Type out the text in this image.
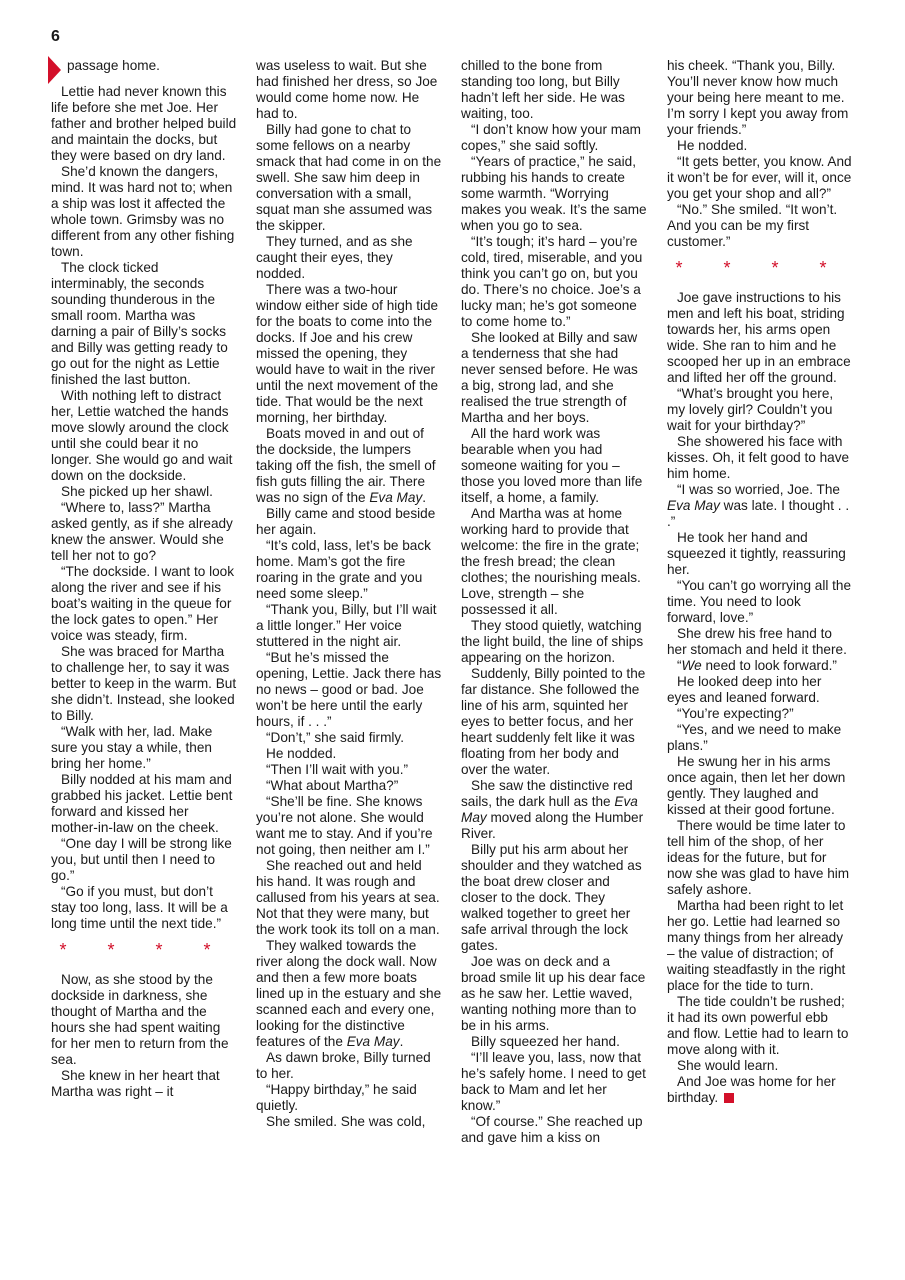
6

passage home.

Lettie had never known this life before she met Joe. Her father and brother helped build and maintain the docks, but they were based on dry land.

She’d known the dangers, mind. It was hard not to; when a ship was lost it affected the whole town. Grimsby was no different from any other fishing town.

The clock ticked interminably, the seconds sounding thunderous in the small room. Martha was darning a pair of Billy’s socks and Billy was getting ready to go out for the night as Lettie finished the last button.

With nothing left to distract her, Lettie watched the hands move slowly around the clock until she could bear it no longer. She would go and wait down on the dockside.

She picked up her shawl.

“Where to, lass?” Martha asked gently, as if she already knew the answer. Would she tell her not to go?

“The dockside. I want to look along the river and see if his boat’s waiting in the queue for the lock gates to open.” Her voice was steady, firm.

She was braced for Martha to challenge her, to say it was better to keep in the warm. But she didn’t. Instead, she looked to Billy.

“Walk with her, lad. Make sure you stay a while, then bring her home.”

Billy nodded at his mam and grabbed his jacket. Lettie bent forward and kissed her mother-in-law on the cheek.

“One day I will be strong like you, but until then I need to go.”

“Go if you must, but don’t stay too long, lass. It will be a long time until the next tide.”

* * * *

Now, as she stood by the dockside in darkness, she thought of Martha and the hours she had spent waiting for her men to return from the sea.

She knew in her heart that Martha was right – it

was useless to wait. But she had finished her dress, so Joe would come home now. He had to.

Billy had gone to chat to some fellows on a nearby smack that had come in on the swell. She saw him deep in conversation with a small, squat man she assumed was the skipper.

They turned, and as she caught their eyes, they nodded.

There was a two-hour window either side of high tide for the boats to come into the docks. If Joe and his crew missed the opening, they would have to wait in the river until the next movement of the tide. That would be the next morning, her birthday.

Boats moved in and out of the dockside, the lumpers taking off the fish, the smell of fish guts filling the air. There was no sign of the Eva May.

Billy came and stood beside her again.

“It’s cold, lass, let’s be back home. Mam’s got the fire roaring in the grate and you need some sleep.”

“Thank you, Billy, but I’ll wait a little longer.” Her voice stuttered in the night air.

“But he’s missed the opening, Lettie. Jack there has no news – good or bad. Joe won’t be here until the early hours, if . . .”

“Don’t,” she said firmly.

He nodded.

“Then I’ll wait with you.”

“What about Martha?”

“She’ll be fine. She knows you’re not alone. She would want me to stay. And if you’re not going, then neither am I.”

She reached out and held his hand. It was rough and callused from his years at sea. Not that they were many, but the work took its toll on a man.

They walked towards the river along the dock wall. Now and then a few more boats lined up in the estuary and she scanned each and every one, looking for the distinctive features of the Eva May.

As dawn broke, Billy turned to her.

“Happy birthday,” he said quietly.

She smiled. She was cold,

chilled to the bone from standing too long, but Billy hadn’t left her side. He was waiting, too.

“I don’t know how your mam copes,” she said softly.

“Years of practice,” he said, rubbing his hands to create some warmth. “Worrying makes you weak. It’s the same when you go to sea.

“It’s tough; it’s hard – you’re cold, tired, miserable, and you think you can’t go on, but you do. There’s no choice. Joe’s a lucky man; he’s got someone to come home to.”

She looked at Billy and saw a tenderness that she had never sensed before. He was a big, strong lad, and she realised the true strength of Martha and her boys.

All the hard work was bearable when you had someone waiting for you – those you loved more than life itself, a home, a family.

And Martha was at home working hard to provide that welcome: the fire in the grate; the fresh bread; the clean clothes; the nourishing meals. Love, strength – she possessed it all.

They stood quietly, watching the light build, the line of ships appearing on the horizon.

Suddenly, Billy pointed to the far distance. She followed the line of his arm, squinted her eyes to better focus, and her heart suddenly felt like it was floating from her body and over the water.

She saw the distinctive red sails, the dark hull as the Eva May moved along the Humber River.

Billy put his arm about her shoulder and they watched as the boat drew closer and closer to the dock. They walked together to greet her safe arrival through the lock gates.

Joe was on deck and a broad smile lit up his dear face as he saw her. Lettie waved, wanting nothing more than to be in his arms.

Billy squeezed her hand.

“I’ll leave you, lass, now that he’s safely home. I need to get back to Mam and let her know.”

“Of course.” She reached up and gave him a kiss on

his cheek. “Thank you, Billy. You’ll never know how much your being here meant to me. I’m sorry I kept you away from your friends.”

He nodded.

“It gets better, you know. And it won’t be for ever, will it, once you get your shop and all?”

“No.” She smiled. “It won’t. And you can be my first customer.”

* * * *

Joe gave instructions to his men and left his boat, striding towards her, his arms open wide. She ran to him and he scooped her up in an embrace and lifted her off the ground.

“What’s brought you here, my lovely girl? Couldn’t you wait for your birthday?”

She showered his face with kisses. Oh, it felt good to have him home.

“I was so worried, Joe. The Eva May was late. I thought . . .”

He took her hand and squeezed it tightly, reassuring her.

“You can’t go worrying all the time. You need to look forward, love.”

She drew his free hand to her stomach and held it there.

“We need to look forward.”

He looked deep into her eyes and leaned forward.

“You’re expecting?”

“Yes, and we need to make plans.”

He swung her in his arms once again, then let her down gently. They laughed and kissed at their good fortune.

There would be time later to tell him of the shop, of her ideas for the future, but for now she was glad to have him safely ashore.

Martha had been right to let her go. Lettie had learned so many things from her already – the value of distraction; of waiting steadfastly in the right place for the tide to turn.

The tide couldn’t be rushed; it had its own powerful ebb and flow. Lettie had to learn to move along with it.

She would learn.

And Joe was home for her birthday.
